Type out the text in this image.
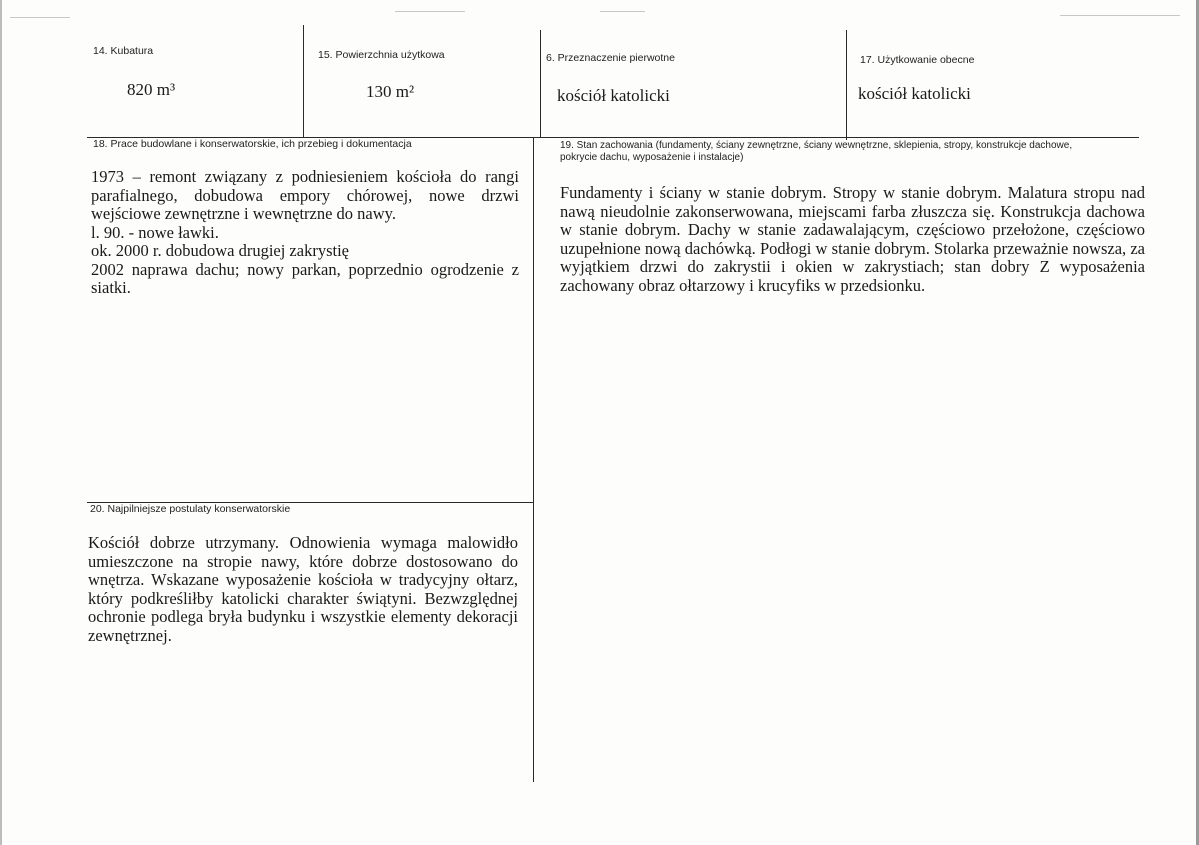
14. Kubatura
820 m³
15. Powierzchnia użytkowa
130 m²
6. Przeznaczenie pierwotne
kościół katolicki
17. Użytkowanie obecne
kościół katolicki
18. Prace budowlane i konserwatorskie, ich przebieg i dokumentacja

1973 – remont związany z podniesieniem kościoła do rangi parafialnego, dobudowa empory chórowej, nowe drzwi wejściowe zewnętrzne i wewnętrzne do nawy.

l. 90. - nowe ławki.

ok. 2000 r. dobudowa drugiej zakrystię

2002 naprawa dachu; nowy parkan, poprzednio ogrodzenie z siatki.

19. Stan zachowania (fundamenty, ściany zewnętrzne, ściany wewnętrzne, sklepienia, stropy, konstrukcje dachowe,
pokrycie dachu, wyposażenie i instalacje)
Fundamenty i ściany w stanie dobrym. Stropy w stanie dobrym. Malatura stropu nad nawą nieudolnie zakonserwowana, miejscami farba złuszcza się. Konstrukcja dachowa w stanie dobrym. Dachy w stanie zadawalającym, częściowo przełożone, częściowo uzupełnione nową dachówką. Podłogi w stanie dobrym. Stolarka przeważnie nowsza, za wyjątkiem drzwi do zakrystii i okien w zakrystiach; stan dobry Z wyposażenia zachowany obraz ołtarzowy i krucyfiks w przedsionku.
20. Najpilniejsze postulaty konserwatorskie
Kościół dobrze utrzymany. Odnowienia wymaga malowidło umieszczone na stropie nawy, które dobrze dostosowano do wnętrza. Wskazane wyposażenie kościoła w tradycyjny ołtarz, który podkreśliłby katolicki charakter świątyni. Bezwzględnej ochronie podlega bryła budynku i wszystkie elementy dekoracji zewnętrznej.
